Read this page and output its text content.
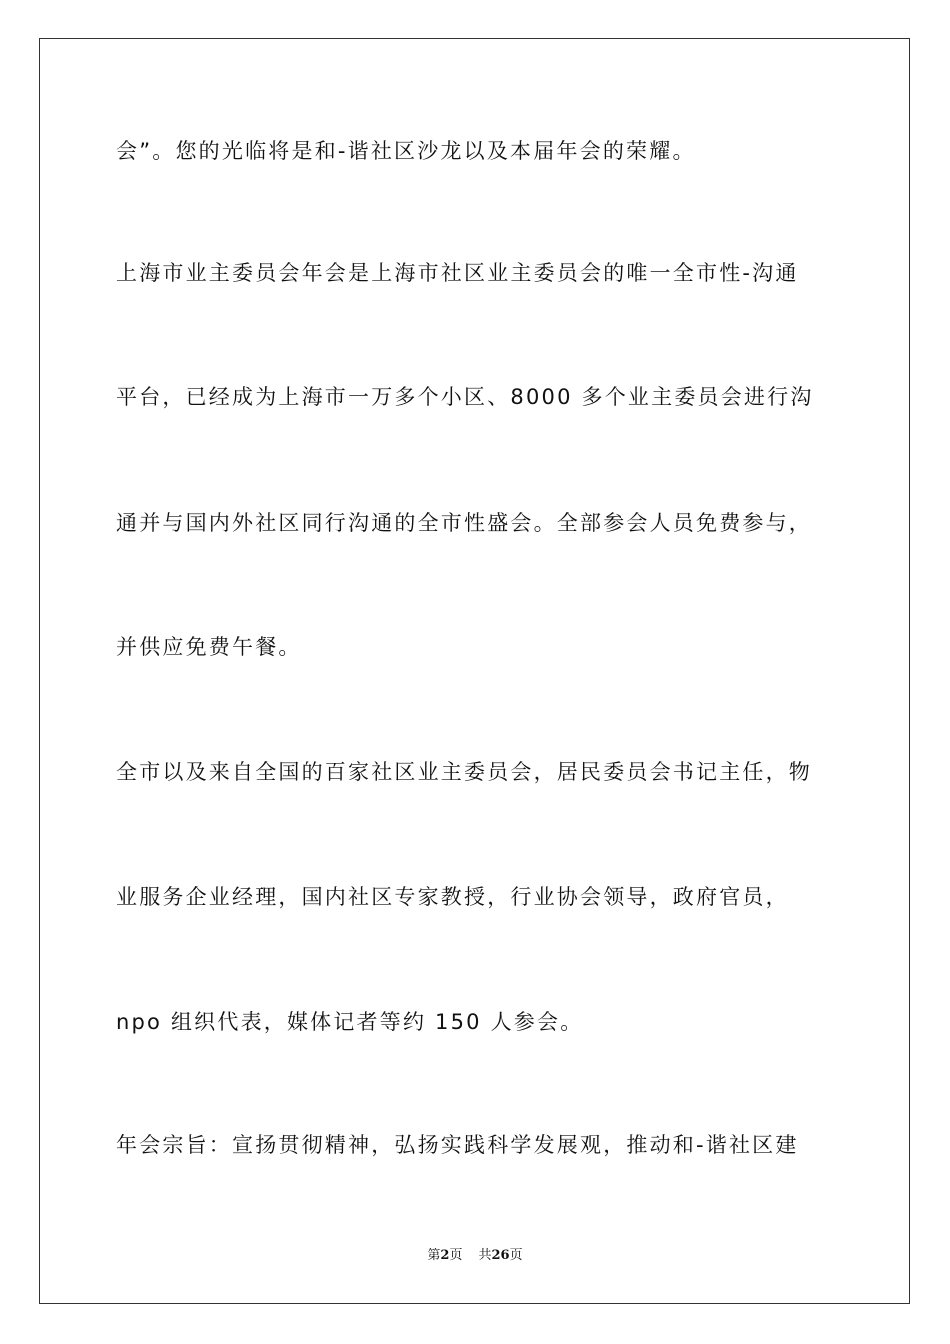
会”。您的光临将是和-谐社区沙龙以及本届年会的荣耀。
上海市业主委员会年会是上海市社区业主委员会的唯一全市性-沟通
平台，已经成为上海市一万多个小区、8000 多个业主委员会进行沟
通并与国内外社区同行沟通的全市性盛会。全部参会人员免费参与，
并供应免费午餐。
全市以及来自全国的百家社区业主委员会，居民委员会书记主任，物
业服务企业经理，国内社区专家教授，行业协会领导，政府官员，
npo 组织代表，媒体记者等约 150 人参会。
年会宗旨：宣扬贯彻精神，弘扬实践科学发展观，推动和-谐社区建
第2页 共26页
